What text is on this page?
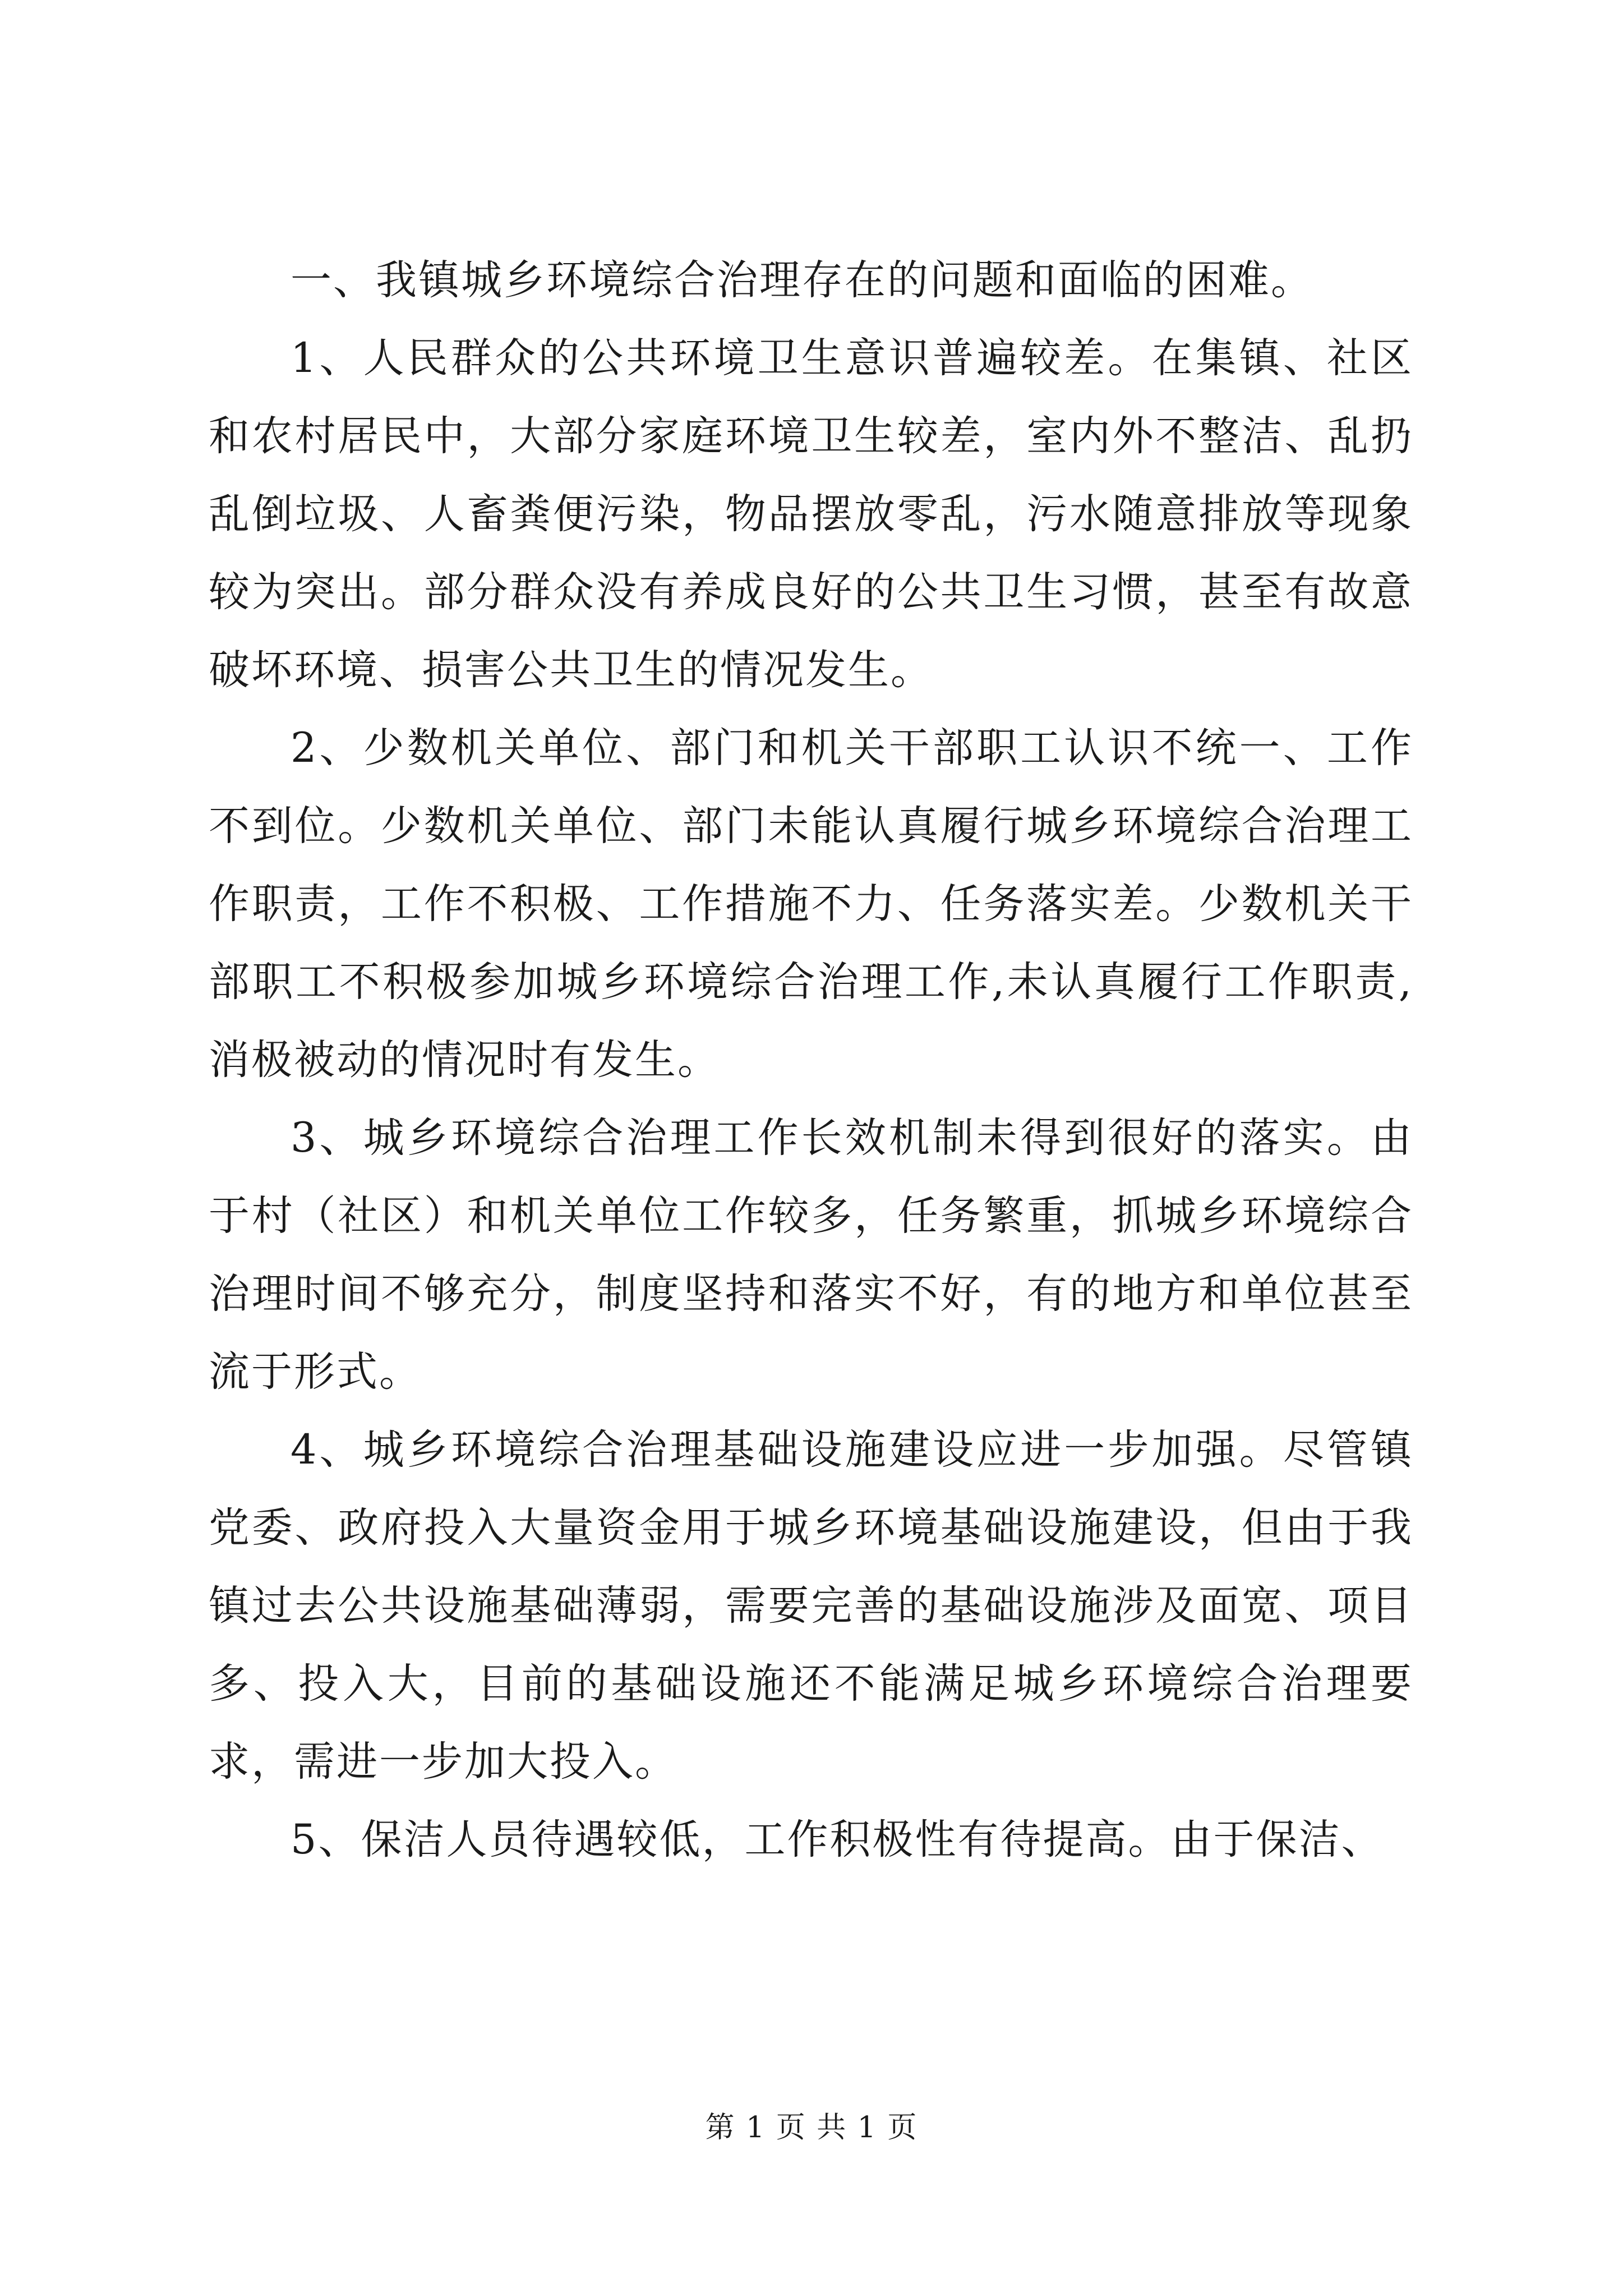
一、我镇城乡环境综合治理存在的问题和面临的困难。

1、人民群众的公共环境卫生意识普遍较差。在集镇、社区和农村居民中，大部分家庭环境卫生较差，室内外不整洁、乱扔乱倒垃圾、人畜粪便污染，物品摆放零乱，污水随意排放等现象较为突出。部分群众没有养成良好的公共卫生习惯，甚至有故意破坏环境、损害公共卫生的情况发生。

2、少数机关单位、部门和机关干部职工认识不统一、工作不到位。少数机关单位、部门未能认真履行城乡环境综合治理工作职责，工作不积极、工作措施不力、任务落实差。少数机关干部职工不积极参加城乡环境综合治理工作,未认真履行工作职责,消极被动的情况时有发生。

3、城乡环境综合治理工作长效机制未得到很好的落实。由于村（社区）和机关单位工作较多，任务繁重，抓城乡环境综合治理时间不够充分，制度坚持和落实不好，有的地方和单位甚至流于形式。

4、城乡环境综合治理基础设施建设应进一步加强。尽管镇党委、政府投入大量资金用于城乡环境基础设施建设，但由于我镇过去公共设施基础薄弱，需要完善的基础设施涉及面宽、项目多、投入大，目前的基础设施还不能满足城乡环境综合治理要求，需进一步加大投入。

5、保洁人员待遇较低，工作积极性有待提高。由于保洁、

第 1 页 共 1 页
